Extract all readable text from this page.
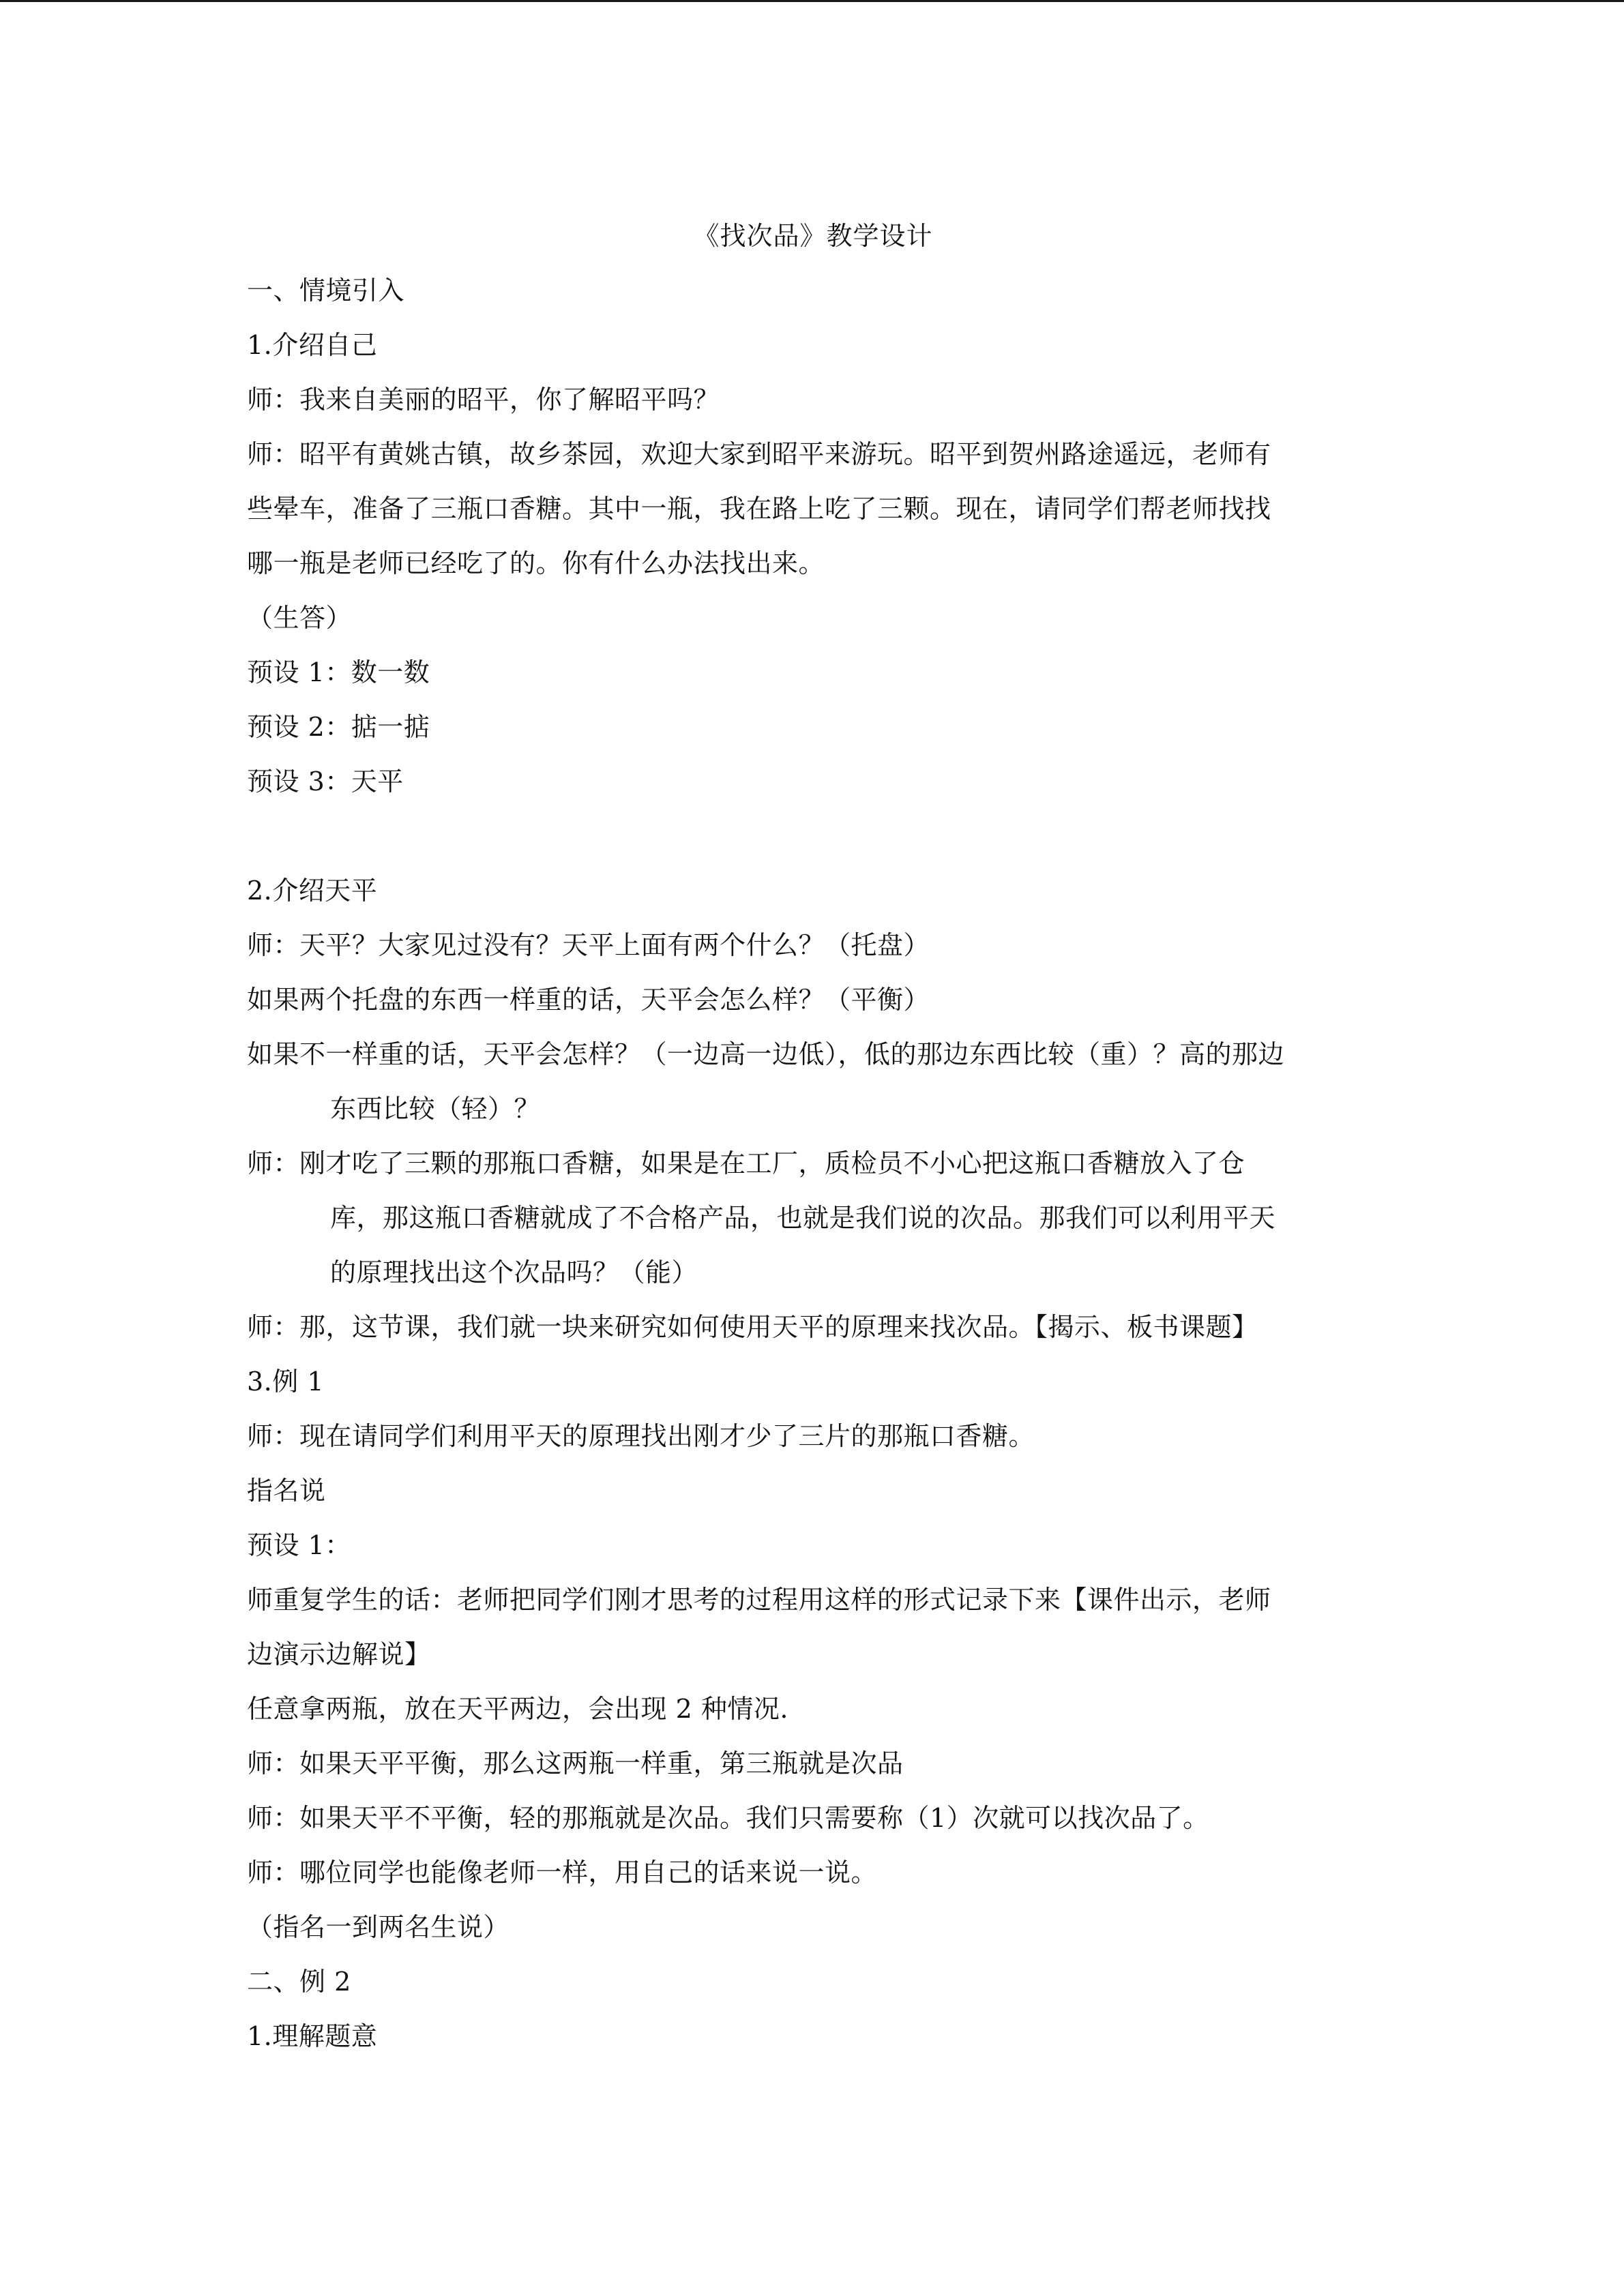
《找次品》教学设计

一、情境引入

1.介绍自己

师：我来自美丽的昭平，你了解昭平吗？

师：昭平有黄姚古镇，故乡茶园，欢迎大家到昭平来游玩。昭平到贺州路途遥远，老师有

些晕车，准备了三瓶口香糖。其中一瓶，我在路上吃了三颗。现在，请同学们帮老师找找

哪一瓶是老师已经吃了的。你有什么办法找出来。

（生答）

预设 1：数一数

预设 2：掂一掂

预设 3：天平

2.介绍天平

师：天平？大家见过没有？天平上面有两个什么？（托盘）

如果两个托盘的东西一样重的话，天平会怎么样？（平衡）

如果不一样重的话，天平会怎样？（一边高一边低），低的那边东西比较（重）？高的那边

东西比较（轻）？

师：刚才吃了三颗的那瓶口香糖，如果是在工厂，质检员不小心把这瓶口香糖放入了仓

库，那这瓶口香糖就成了不合格产品，也就是我们说的次品。那我们可以利用平天

的原理找出这个次品吗？（能）

师：那，这节课，我们就一块来研究如何使用天平的原理来找次品。【揭示、板书课题】

3.例 1

师：现在请同学们利用平天的原理找出刚才少了三片的那瓶口香糖。

指名说

预设 1：

师重复学生的话：老师把同学们刚才思考的过程用这样的形式记录下来【课件出示，老师

边演示边解说】

任意拿两瓶，放在天平两边，会出现 2 种情况.

师：如果天平平衡，那么这两瓶一样重，第三瓶就是次品

师：如果天平不平衡，轻的那瓶就是次品。我们只需要称（1）次就可以找次品了。

师：哪位同学也能像老师一样，用自己的话来说一说。

（指名一到两名生说）

二、例 2

1.理解题意
